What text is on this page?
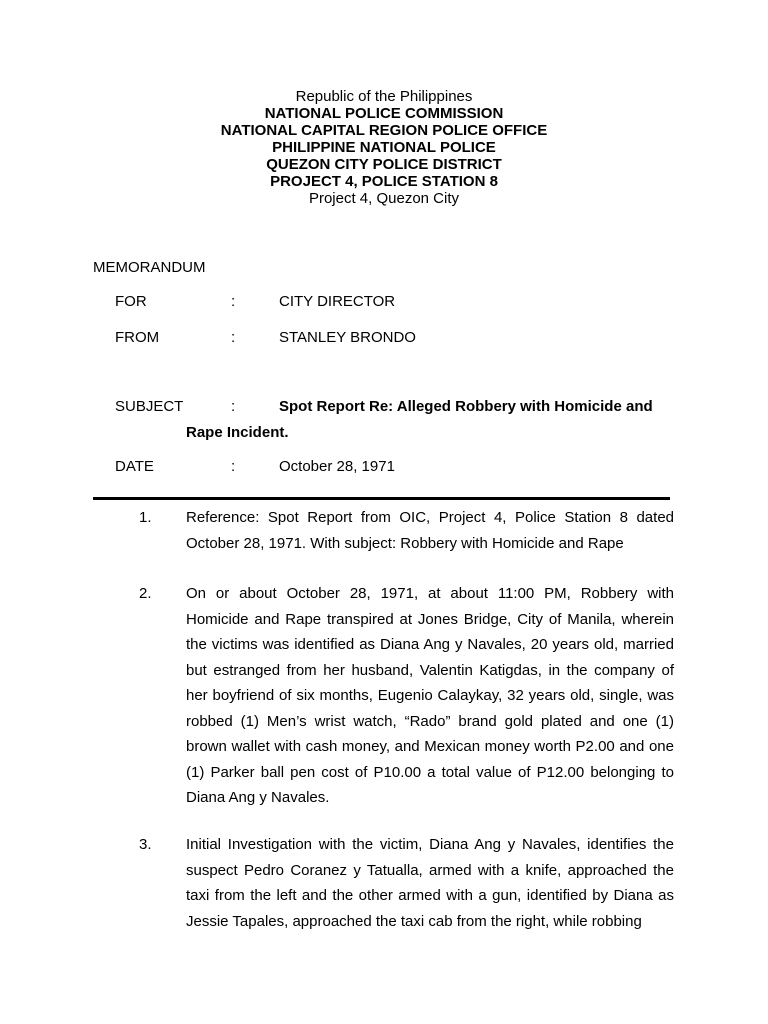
Republic of the Philippines
NATIONAL POLICE COMMISSION
NATIONAL CAPITAL REGION POLICE OFFICE
PHILIPPINE NATIONAL POLICE
QUEZON CITY POLICE DISTRICT
PROJECT 4, POLICE STATION 8
Project 4, Quezon City
MEMORANDUM
FOR	:	CITY DIRECTOR
FROM	:	STANLEY BRONDO
SUBJECT	:	Spot Report Re: Alleged Robbery with Homicide and
Rape Incident.
DATE	:	October 28, 1971
1. Reference: Spot Report from OIC, Project 4, Police Station 8 dated October 28, 1971. With subject: Robbery with Homicide and Rape
2. On or about October 28, 1971, at about 11:00 PM, Robbery with Homicide and Rape transpired at Jones Bridge, City of Manila, wherein the victims was identified as Diana Ang y Navales, 20 years old, married but estranged from her husband, Valentin Katigdas, in the company of her boyfriend of six months, Eugenio Calaykay, 32 years old, single, was robbed (1) Men’s wrist watch, “Rado” brand gold plated and one (1) brown wallet with cash money, and Mexican money worth P2.00 and one (1) Parker ball pen cost of P10.00 a total value of P12.00 belonging to Diana Ang y Navales.
3. Initial Investigation with the victim, Diana Ang y Navales, identifies the suspect Pedro Coranez y Tatualla, armed with a knife, approached the taxi from the left and the other armed with a gun, identified by Diana as Jessie Tapales, approached the taxi cab from the right, while robbing
